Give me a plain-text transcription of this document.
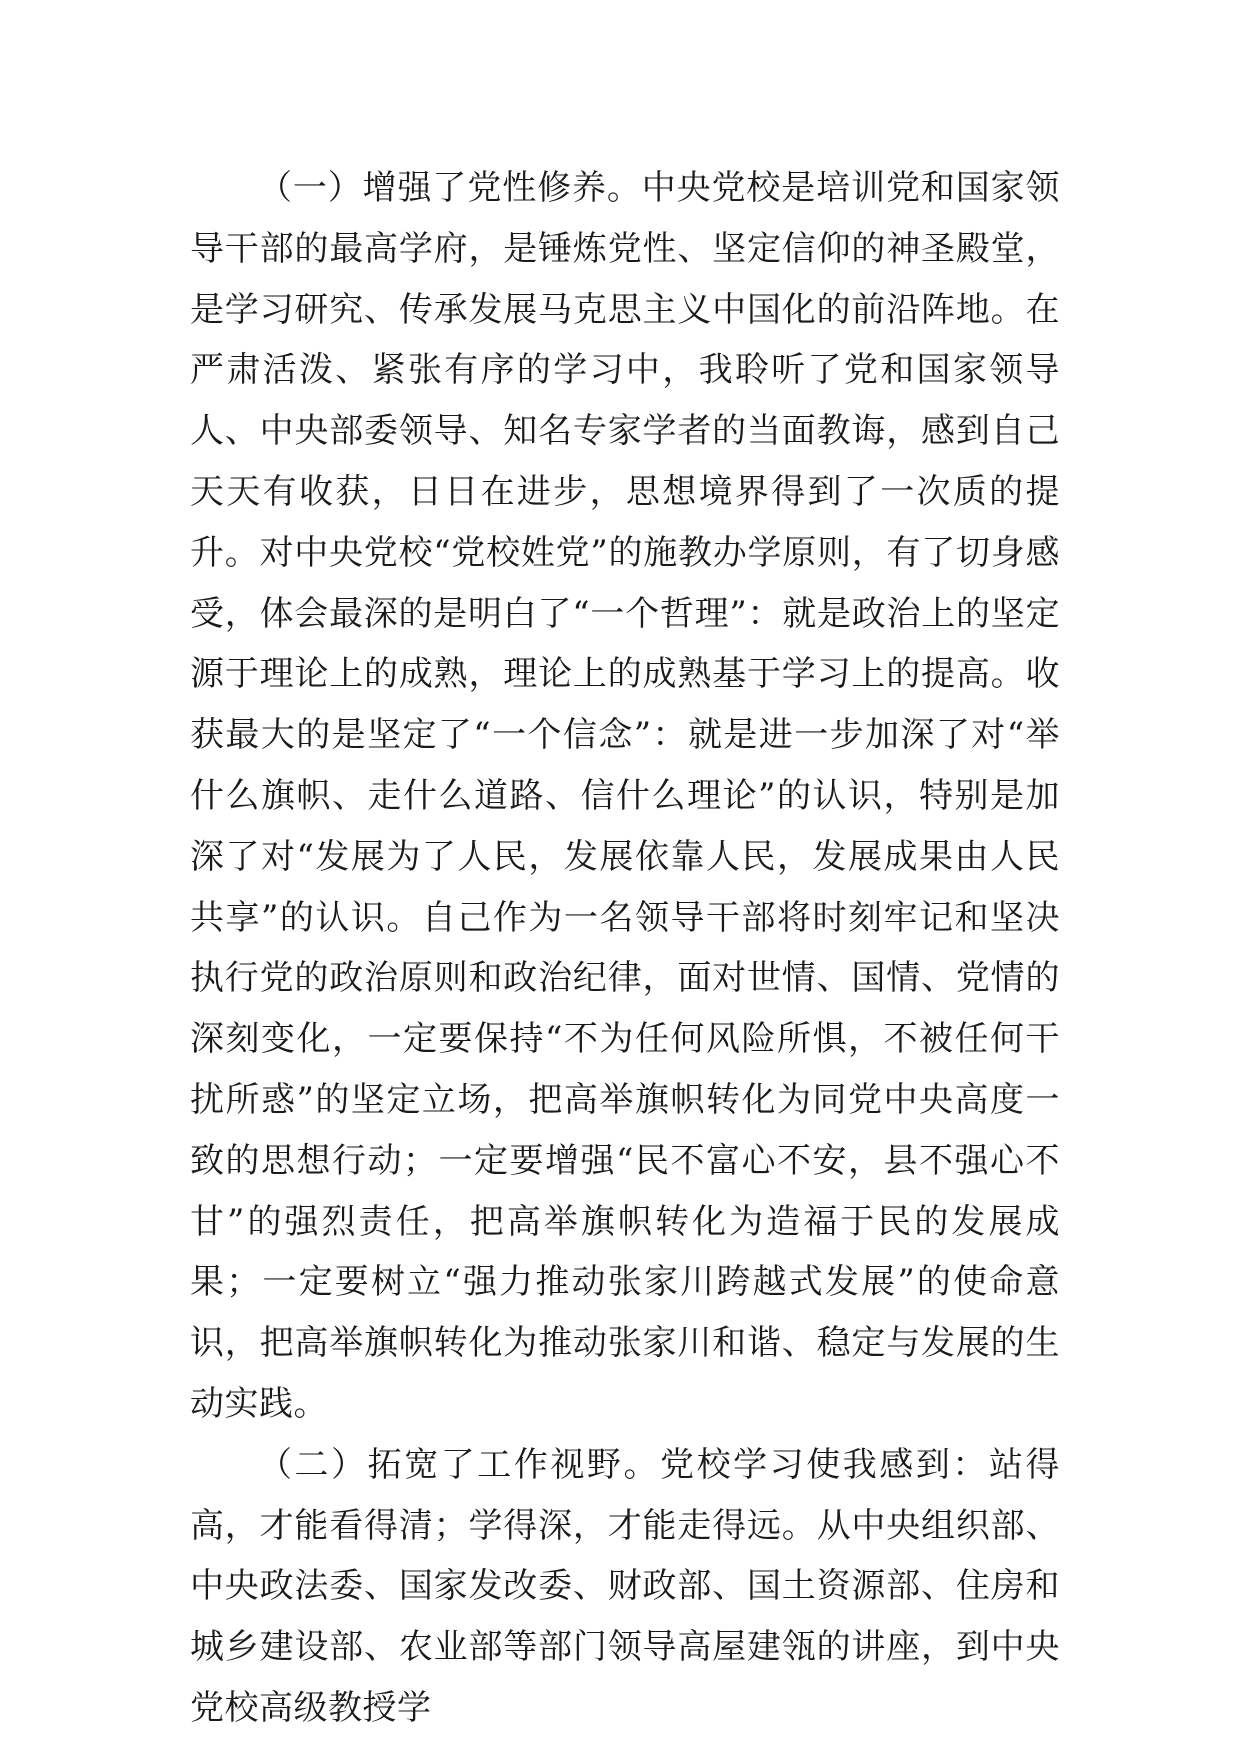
（一）增强了党性修养。中央党校是培训党和国家领导干部的最高学府，是锤炼党性、坚定信仰的神圣殿堂，是学习研究、传承发展马克思主义中国化的前沿阵地。在严肃活泼、紧张有序的学习中，我聆听了党和国家领导人、中央部委领导、知名专家学者的当面教诲，感到自己天天有收获，日日在进步，思想境界得到了一次质的提升。对中央党校“党校姓党”的施教办学原则，有了切身感受，体会最深的是明白了“一个哲理”：就是政治上的坚定源于理论上的成熟，理论上的成熟基于学习上的提高。收获最大的是坚定了“一个信念”：就是进一步加深了对“举什么旗帜、走什么道路、信什么理论”的认识，特别是加深了对“发展为了人民，发展依靠人民，发展成果由人民共享”的认识。自己作为一名领导干部将时刻牢记和坚决执行党的政治原则和政治纪律，面对世情、国情、党情的深刻变化，一定要保持“不为任何风险所惧，不被任何干扰所惑”的坚定立场，把高举旗帜转化为同党中央高度一致的思想行动；一定要增强“民不富心不安，县不强心不甘”的强烈责任，把高举旗帜转化为造福于民的发展成果；一定要树立“强力推动张家川跨越式发展”的使命意识，把高举旗帜转化为推动张家川和谐、稳定与发展的生动实践。

（二）拓宽了工作视野。党校学习使我感到：站得高，才能看得清；学得深，才能走得远。从中央组织部、中央政法委、国家发改委、财政部、国土资源部、住房和城乡建设部、农业部等部门领导高屋建瓴的讲座，到中央党校高级教授学
